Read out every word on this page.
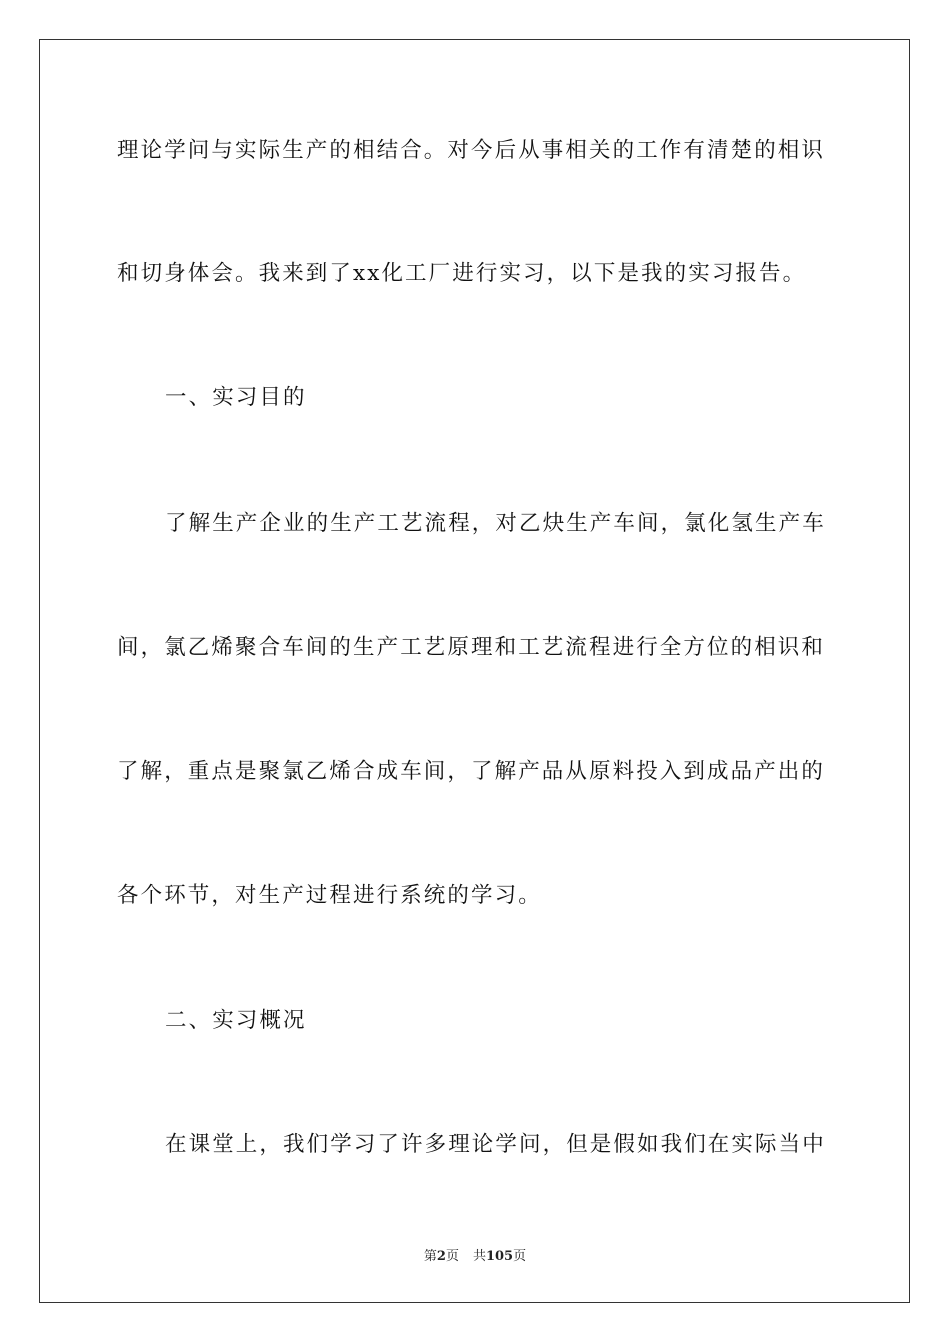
理论学问与实际生产的相结合。对今后从事相关的工作有清楚的相识
和切身体会。我来到了xx化工厂进行实习，以下是我的实习报告。
一、实习目的
了解生产企业的生产工艺流程，对乙炔生产车间，氯化氢生产车
间，氯乙烯聚合车间的生产工艺原理和工艺流程进行全方位的相识和
了解，重点是聚氯乙烯合成车间，了解产品从原料投入到成品产出的
各个环节，对生产过程进行系统的学习。
二、实习概况
在课堂上，我们学习了许多理论学问，但是假如我们在实际当中
第2页 共105页
